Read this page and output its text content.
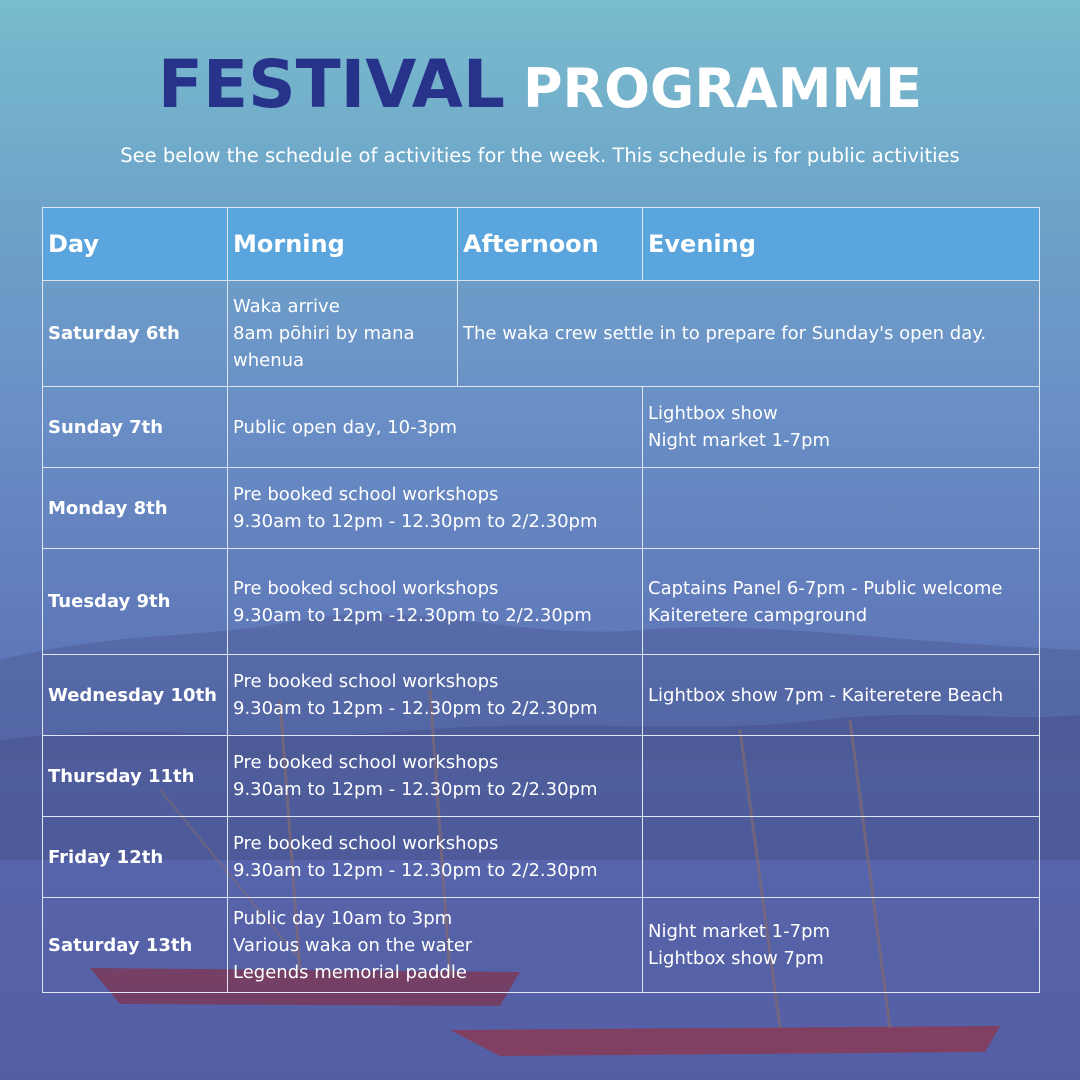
FESTIVAL PROGRAMME
See below the schedule of activities for the week. This schedule is for public activities
Day	Morning	Afternoon	Evening
Saturday 6th	Waka arrive
8am pōhiri by mana
whenua	The waka crew settle in to prepare for Sunday's open day.	

Sunday 7th	Public open day, 10-3pm		Lightbox show
Night market 1-7pm

Monday 8th	Pre booked school workshops
9.30am to 12pm - 12.30pm to 2/2.30pm		

Tuesday 9th	Pre booked school workshops
9.30am to 12pm -12.30pm to 2/2.30pm		Captains Panel 6-7pm - Public welcome
Kaiteretere campground

Wednesday 10th	Pre booked school workshops
9.30am to 12pm - 12.30pm to 2/2.30pm		Lightbox show 7pm - Kaiteretere Beach

Thursday 11th	Pre booked school workshops
9.30am to 12pm - 12.30pm to 2/2.30pm		

Friday 12th	Pre booked school workshops
9.30am to 12pm - 12.30pm to 2/2.30pm		

Saturday 13th	Public day 10am to 3pm
Various waka on the water
Legends memorial paddle		Night market 1-7pm
Lightbox show 7pm
